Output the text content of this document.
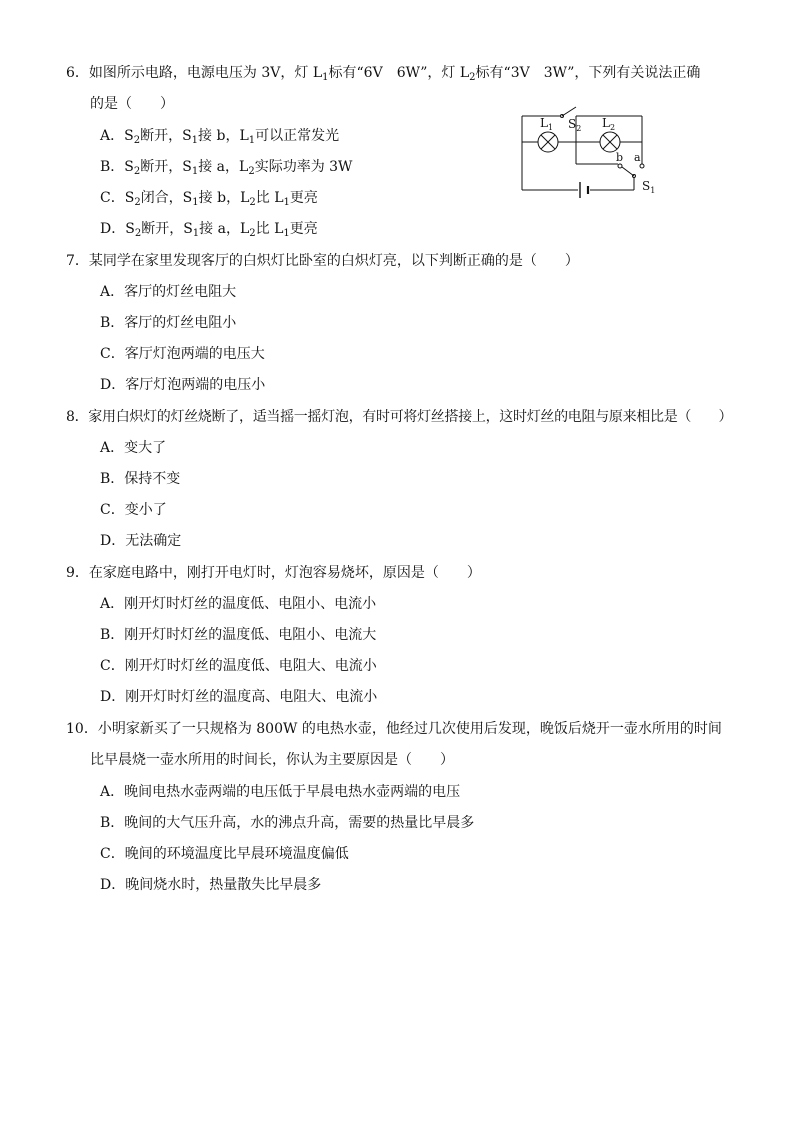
6．如图所示电路，电源电压为 3V，灯 $L_1$标有“6V　6W”，灯 $L_2$标有“3V　3W”，下列有关说法正确
的是（　　）
A．$S_2$断开，$S_1$接 b，$L_1$可以正常发光
B．$S_2$断开，$S_1$接 a，$L_2$实际功率为 3W
C．$S_2$闭合，$S_1$接 b，$L_2$比 $L_1$更亮
D．$S_2$断开，$S_1$接 a，$L_2$比 $L_1$更亮
$L_1$	$L_2$
$S_2$
$S_1$
b a
7．某同学在家里发现客厅的白炽灯比卧室的白炽灯亮，以下判断正确的是（　　）
A．客厅的灯丝电阻大
B．客厅的灯丝电阻小
C．客厅灯泡两端的电压大
D．客厅灯泡两端的电压小
8．家用白炽灯的灯丝烧断了，适当摇一摇灯泡，有时可将灯丝搭接上，这时灯丝的电阻与原来相比是（　　）
A．变大了
B．保持不变
C．变小了
D．无法确定
9．在家庭电路中，刚打开电灯时，灯泡容易烧坏，原因是（　　）
A．刚开灯时灯丝的温度低、电阻小、电流小
B．刚开灯时灯丝的温度低、电阻小、电流大
C．刚开灯时灯丝的温度低、电阻大、电流小
D．刚开灯时灯丝的温度高、电阻大、电流小
10．小明家新买了一只规格为 800W 的电热水壶，他经过几次使用后发现，晚饭后烧开一壶水所用的时间
比早晨烧一壶水所用的时间长，你认为主要原因是（　　）
A．晚间电热水壶两端的电压低于早晨电热水壶两端的电压
B．晚间的大气压升高，水的沸点升高，需要的热量比早晨多
C．晚间的环境温度比早晨环境温度偏低
D．晚间烧水时，热量散失比早晨多
